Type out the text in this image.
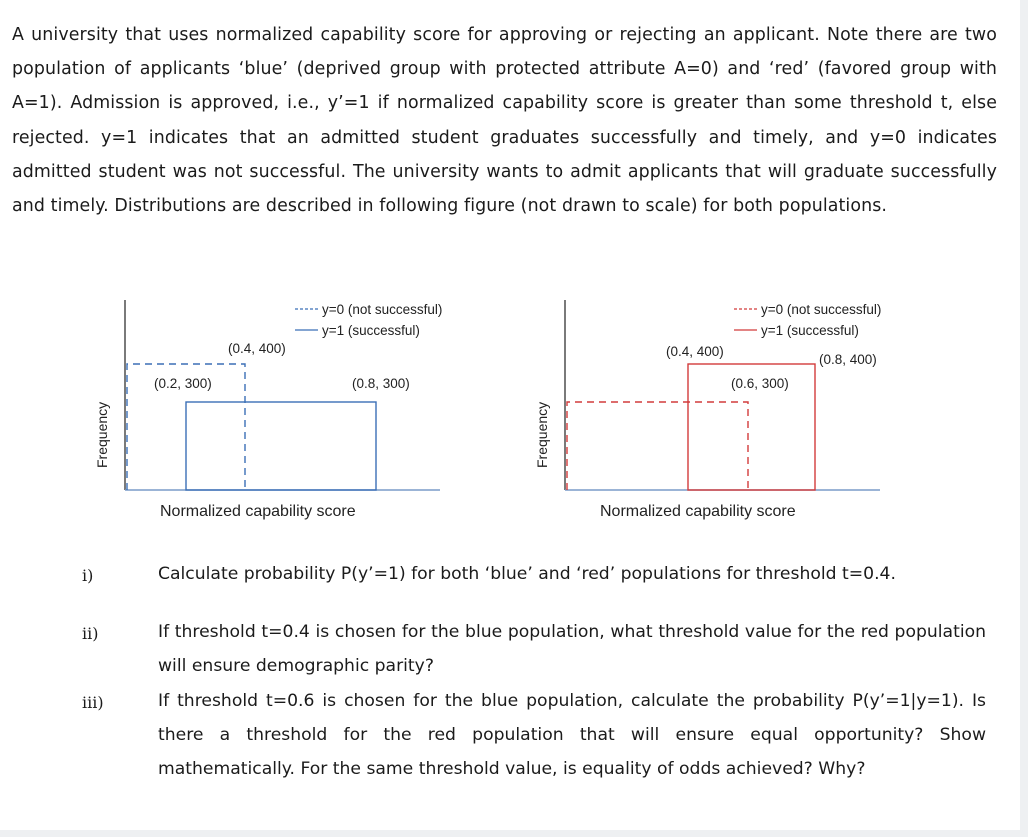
A university that uses normalized capability score for approving or rejecting an applicant. Note there are two population of applicants ‘blue’ (deprived group with protected attribute A=0) and ‘red’ (favored group with A=1). Admission is approved, i.e., y’=1 if normalized capability score is greater than some threshold t, else rejected. y=1 indicates that an admitted student graduates successfully and timely, and y=0 indicates admitted student was not successful. The university wants to admit applicants that will graduate successfully and timely. Distributions are described in following figure (not drawn to scale) for both populations.
y=0 (not successful)
y=1 (successful)
(0.4, 400)
(0.2, 300)	(0.8, 300)
Frequency
Normalized capability score
y=0 (not successful)
y=1 (successful)
(0.4, 400)
(0.6, 300)
(0.8, 400)
Frequency
Normalized capability score
i)	Calculate probability P(y’=1) for both ‘blue’ and ‘red’ populations for threshold t=0.4.
ii)	If threshold t=0.4 is chosen for the blue population, what threshold value for the red population will ensure demographic parity?
iii)	If threshold t=0.6 is chosen for the blue population, calculate the probability P(y’=1|y=1). Is there a threshold for the red population that will ensure equal opportunity? Show mathematically. For the same threshold value, is equality of odds achieved? Why?
